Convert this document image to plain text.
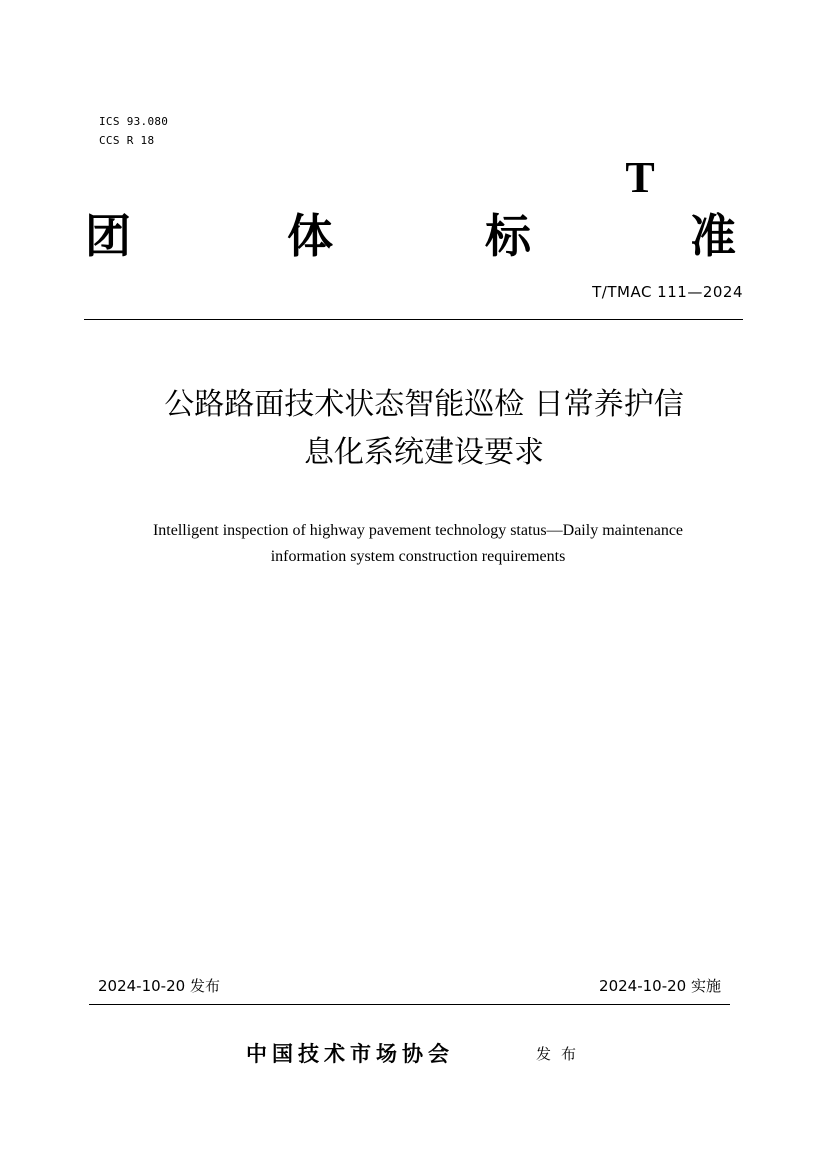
ICS 93.080
CCS R 18
T
团	体	标	准
T/TMAC 111—2024
公路路面技术状态智能巡检 日常养护信
息化系统建设要求
Intelligent inspection of highway pavement technology status—Daily maintenance
information system construction requirements
2024-10-20 发布	2024-10-20 实施
中国技术市场协会	发布
